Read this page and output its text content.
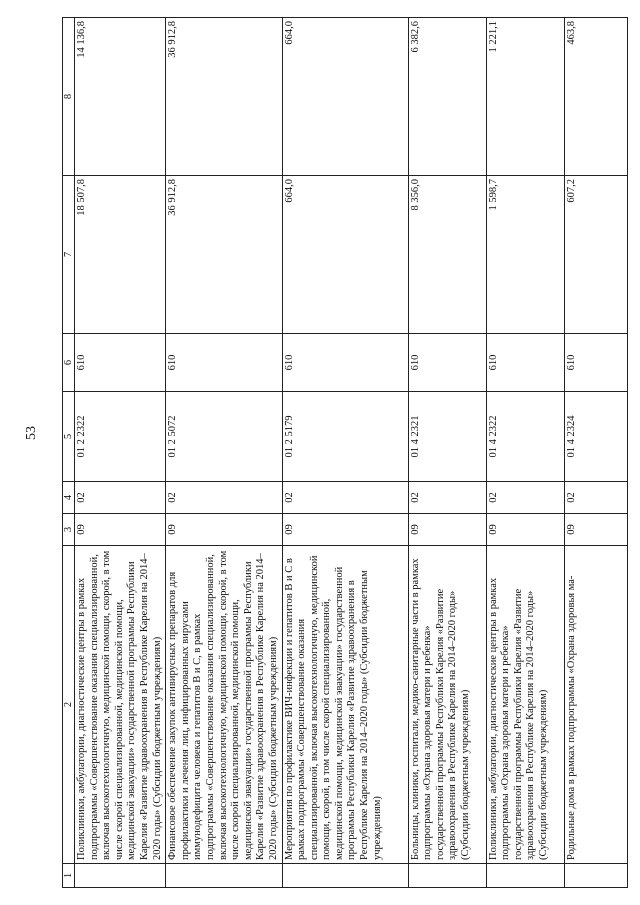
53
1	2	3	4	5	6	7	8
	Поликлиники, амбулатории, диагностические центры в рамках подпрограммы «Совершенствование оказания специализированной, включая высокотехнологичную, медицинской помощи, скорой, в том числе скорой специализированной, медицинской помощи, медицинской эвакуации» государственной программы Республики Карелия «Развитие здравоохранения в Республике Карелия на 2014–2020 годы» (Субсидии бюджетным учреждениям)	09	02	01 2 2322	610	18 507,8	14 136,8
	Финансовое обеспечение закупок антивирусных препаратов для профилактики и лечения лиц, инфицированных вирусами иммунодефицита человека и гепатитов В и С, в рамках подпрограммы «Совершенствование оказания специализированной, включая высокотехнологичную, медицинской помощи, скорой, в том числе скорой специализированной, медицинской помощи, медицинской эвакуации» государственной программы Республики Карелия «Развитие здравоохранения в Республике Карелия на 2014–2020 годы» (Субсидии бюджетным учреждениям)	09	02	01 2 5072	610	36 912,8	36 912,8
	Мероприятия по профилактике ВИЧ-инфекции и гепатитов В и С в рамках подпрограммы «Совершенствование оказания специализированной, включая высокотехнологичную, медицинской помощи, скорой, в том числе скорой специализированной, медицинской помощи, медицинской эвакуации» государственной программы Республики Карелия «Развитие здравоохранения в Республике Карелия на 2014–2020 годы» (Субсидии бюджетным учреждениям)	09	02	01 2 5179	610	664,0	664,0
	Больницы, клиники, госпитали, медико-санитарные части в рамках подпрограммы «Охрана здоровья матери и ребенка» государственной программы Республики Карелия «Развитие здравоохранения в Республике Карелия на 2014–2020 годы» (Субсидии бюджетным учреждениям)	09	02	01 4 2321	610	8 356,0	6 382,6
	Поликлиники, амбулатории, диагностические центры в рамках подпрограммы «Охрана здоровья матери и ребенка» государственной программы Республики Карелия «Развитие здравоохранения в Республике Карелия на 2014–2020 годы» (Субсидии бюджетным учреждениям)	09	02	01 4 2322	610	1 598,7	1 221,1
	Родильные дома в рамках подпрограммы «Охрана здоровья ма-	09	02	01 4 2324	610	607,2	463,8
